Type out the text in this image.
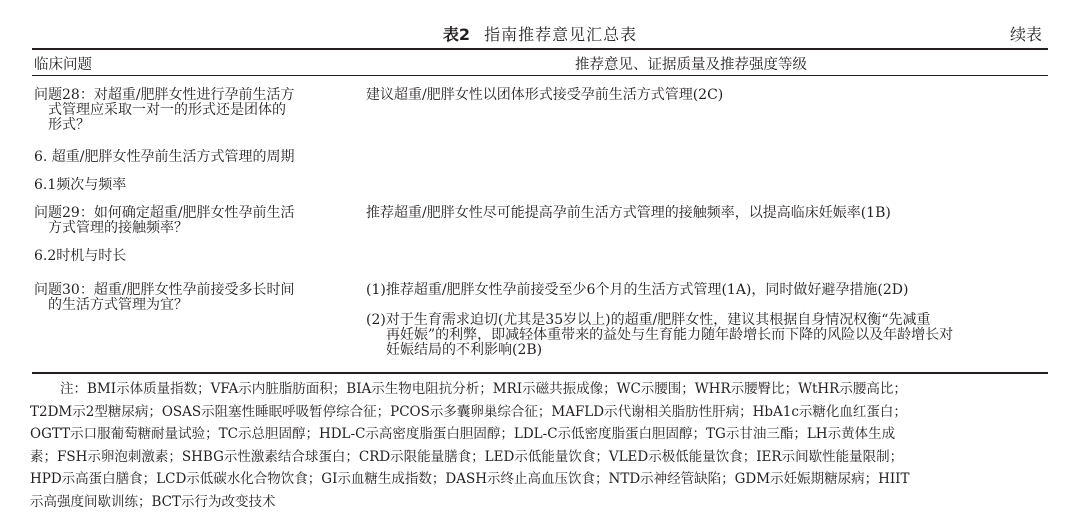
表2 指南推荐意见汇总表	续表
临床问题	推荐意见、证据质量及推荐强度等级
问题28：对超重/肥胖女性进行孕前生活方
式管理应采取一对一的形式还是团体的
形式？
建议超重/肥胖女性以团体形式接受孕前生活方式管理(2C)
6. 超重/肥胖女性孕前生活方式管理的周期
6.1频次与频率
问题29：如何确定超重/肥胖女性孕前生活
方式管理的接触频率？
推荐超重/肥胖女性尽可能提高孕前生活方式管理的接触频率，以提高临床妊娠率(1B)
6.2时机与时长
问题30：超重/肥胖女性孕前接受多长时间
的生活方式管理为宜？
(1)推荐超重/肥胖女性孕前接受至少6个月的生活方式管理(1A)，同时做好避孕措施(2D)
(2)对于生育需求迫切(尤其是35岁以上)的超重/肥胖女性，建议其根据自身情况权衡“先减重
再妊娠”的利弊，即减轻体重带来的益处与生育能力随年龄增长而下降的风险以及年龄增长对
妊娠结局的不利影响(2B)
注：BMI示体质量指数；VFA示内脏脂肪面积；BIA示生物电阻抗分析；MRI示磁共振成像；WC示腰围；WHR示腰臀比；WtHR示腰高比；
T2DM示2型糖尿病；OSAS示阻塞性睡眠呼吸暂停综合征；PCOS示多囊卵巢综合征；MAFLD示代谢相关脂肪性肝病；HbA1c示糖化血红蛋白；
OGTT示口服葡萄糖耐量试验；TC示总胆固醇；HDL-C示高密度脂蛋白胆固醇；LDL-C示低密度脂蛋白胆固醇；TG示甘油三酯；LH示黄体生成
素；FSH示卵泡刺激素；SHBG示性激素结合球蛋白；CRD示限能量膳食；LED示低能量饮食；VLED示极低能量饮食；IER示间歇性能量限制；
HPD示高蛋白膳食；LCD示低碳水化合物饮食；GI示血糖生成指数；DASH示终止高血压饮食；NTD示神经管缺陷；GDM示妊娠期糖尿病；HIIT
示高强度间歇训练；BCT示行为改变技术
